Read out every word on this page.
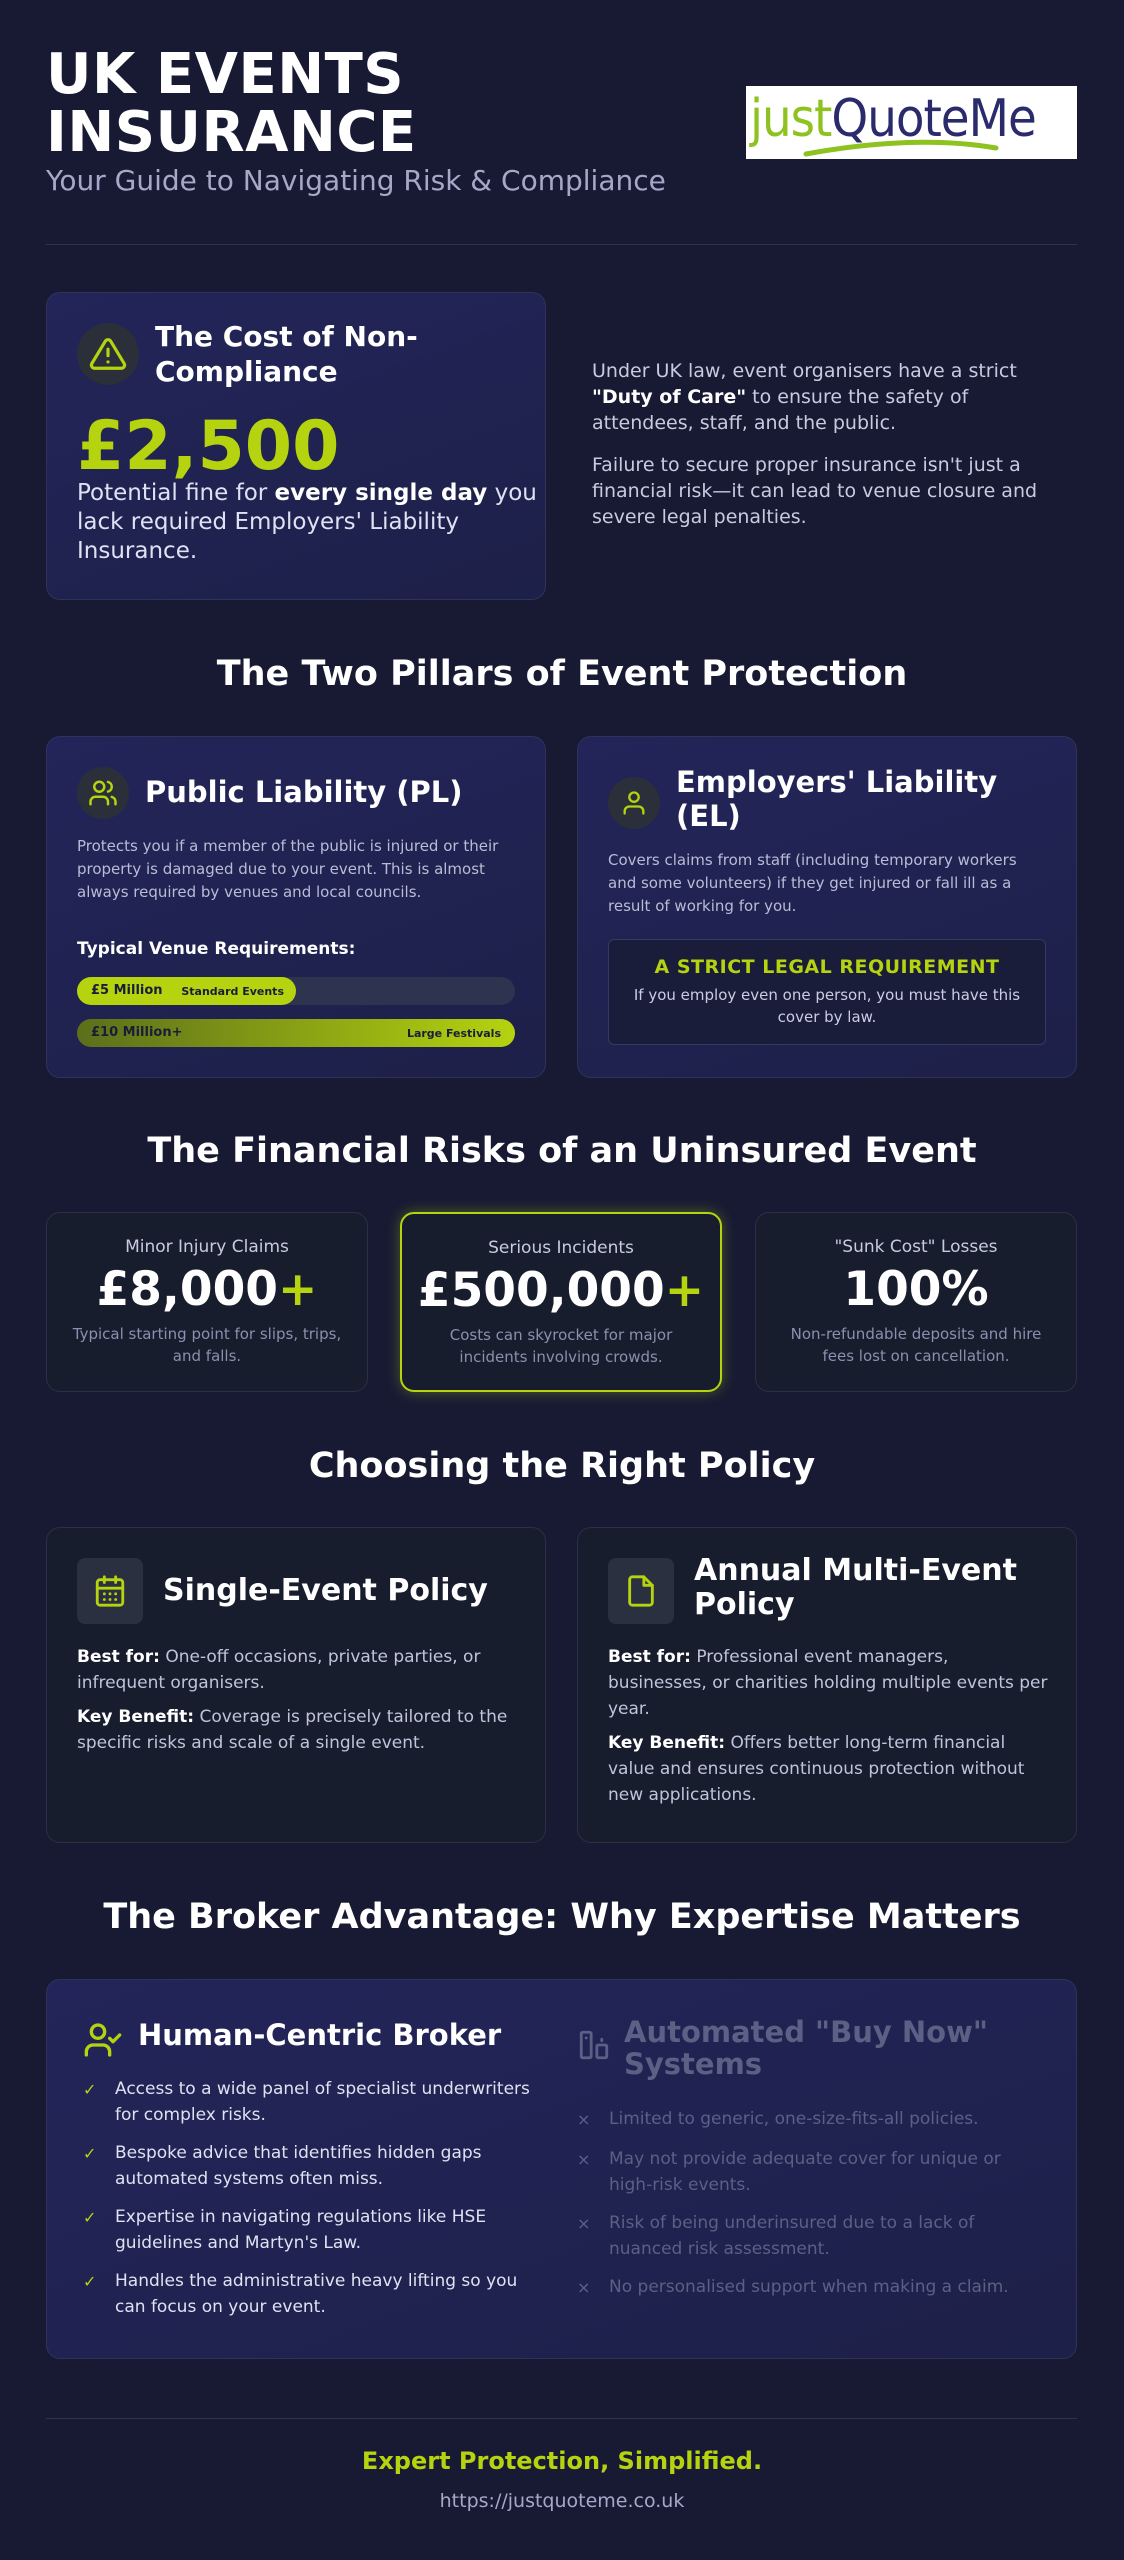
UK EVENTS
INSURANCE
Your Guide to Navigating Risk & Compliance
justQuoteMe
The Cost of Non-Compliance
£2,500
Potential fine for every single day you lack required Employers' Liability Insurance.
Under UK law, event organisers have a strict "Duty of Care" to ensure the safety of attendees, staff, and the public.
Failure to secure proper insurance isn't just a financial risk—it can lead to venue closure and severe legal penalties.
The Two Pillars of Event Protection
Public Liability (PL)
Protects you if a member of the public is injured or their property is damaged due to your event. This is almost always required by venues and local councils.
Typical Venue Requirements:
£5 Million Standard Events
£10 Million+	Large Festivals
Employers' Liability (EL)
Covers claims from staff (including temporary workers and some volunteers) if they get injured or fall ill as a result of working for you.
A STRICT LEGAL REQUIREMENT
If you employ even one person, you must have this cover by law.
The Financial Risks of an Uninsured Event
Minor Injury Claims
£8,000+
Typical starting point for slips, trips, and falls.
Serious Incidents
£500,000+
Costs can skyrocket for major incidents involving crowds.
"Sunk Cost" Losses
100%
Non-refundable deposits and hire fees lost on cancellation.
Choosing the Right Policy
Single-Event Policy
Best for: One-off occasions, private parties, or infrequent organisers.
Key Benefit: Coverage is precisely tailored to the specific risks and scale of a single event.
Annual Multi-Event Policy
Best for: Professional event managers, businesses, or charities holding multiple events per year.
Key Benefit: Offers better long-term financial value and ensures continuous protection without new applications.
The Broker Advantage: Why Expertise Matters
Human-Centric Broker
✓ Access to a wide panel of specialist underwriters for complex risks.
✓ Bespoke advice that identifies hidden gaps automated systems often miss.
✓ Expertise in navigating regulations like HSE guidelines and Martyn's Law.
✓ Handles the administrative heavy lifting so you can focus on your event.
Automated "Buy Now" Systems
× Limited to generic, one-size-fits-all policies.
× May not provide adequate cover for unique or high-risk events.
× Risk of being underinsured due to a lack of nuanced risk assessment.
× No personalised support when making a claim.
Expert Protection, Simplified.
https://justquoteme.co.uk
